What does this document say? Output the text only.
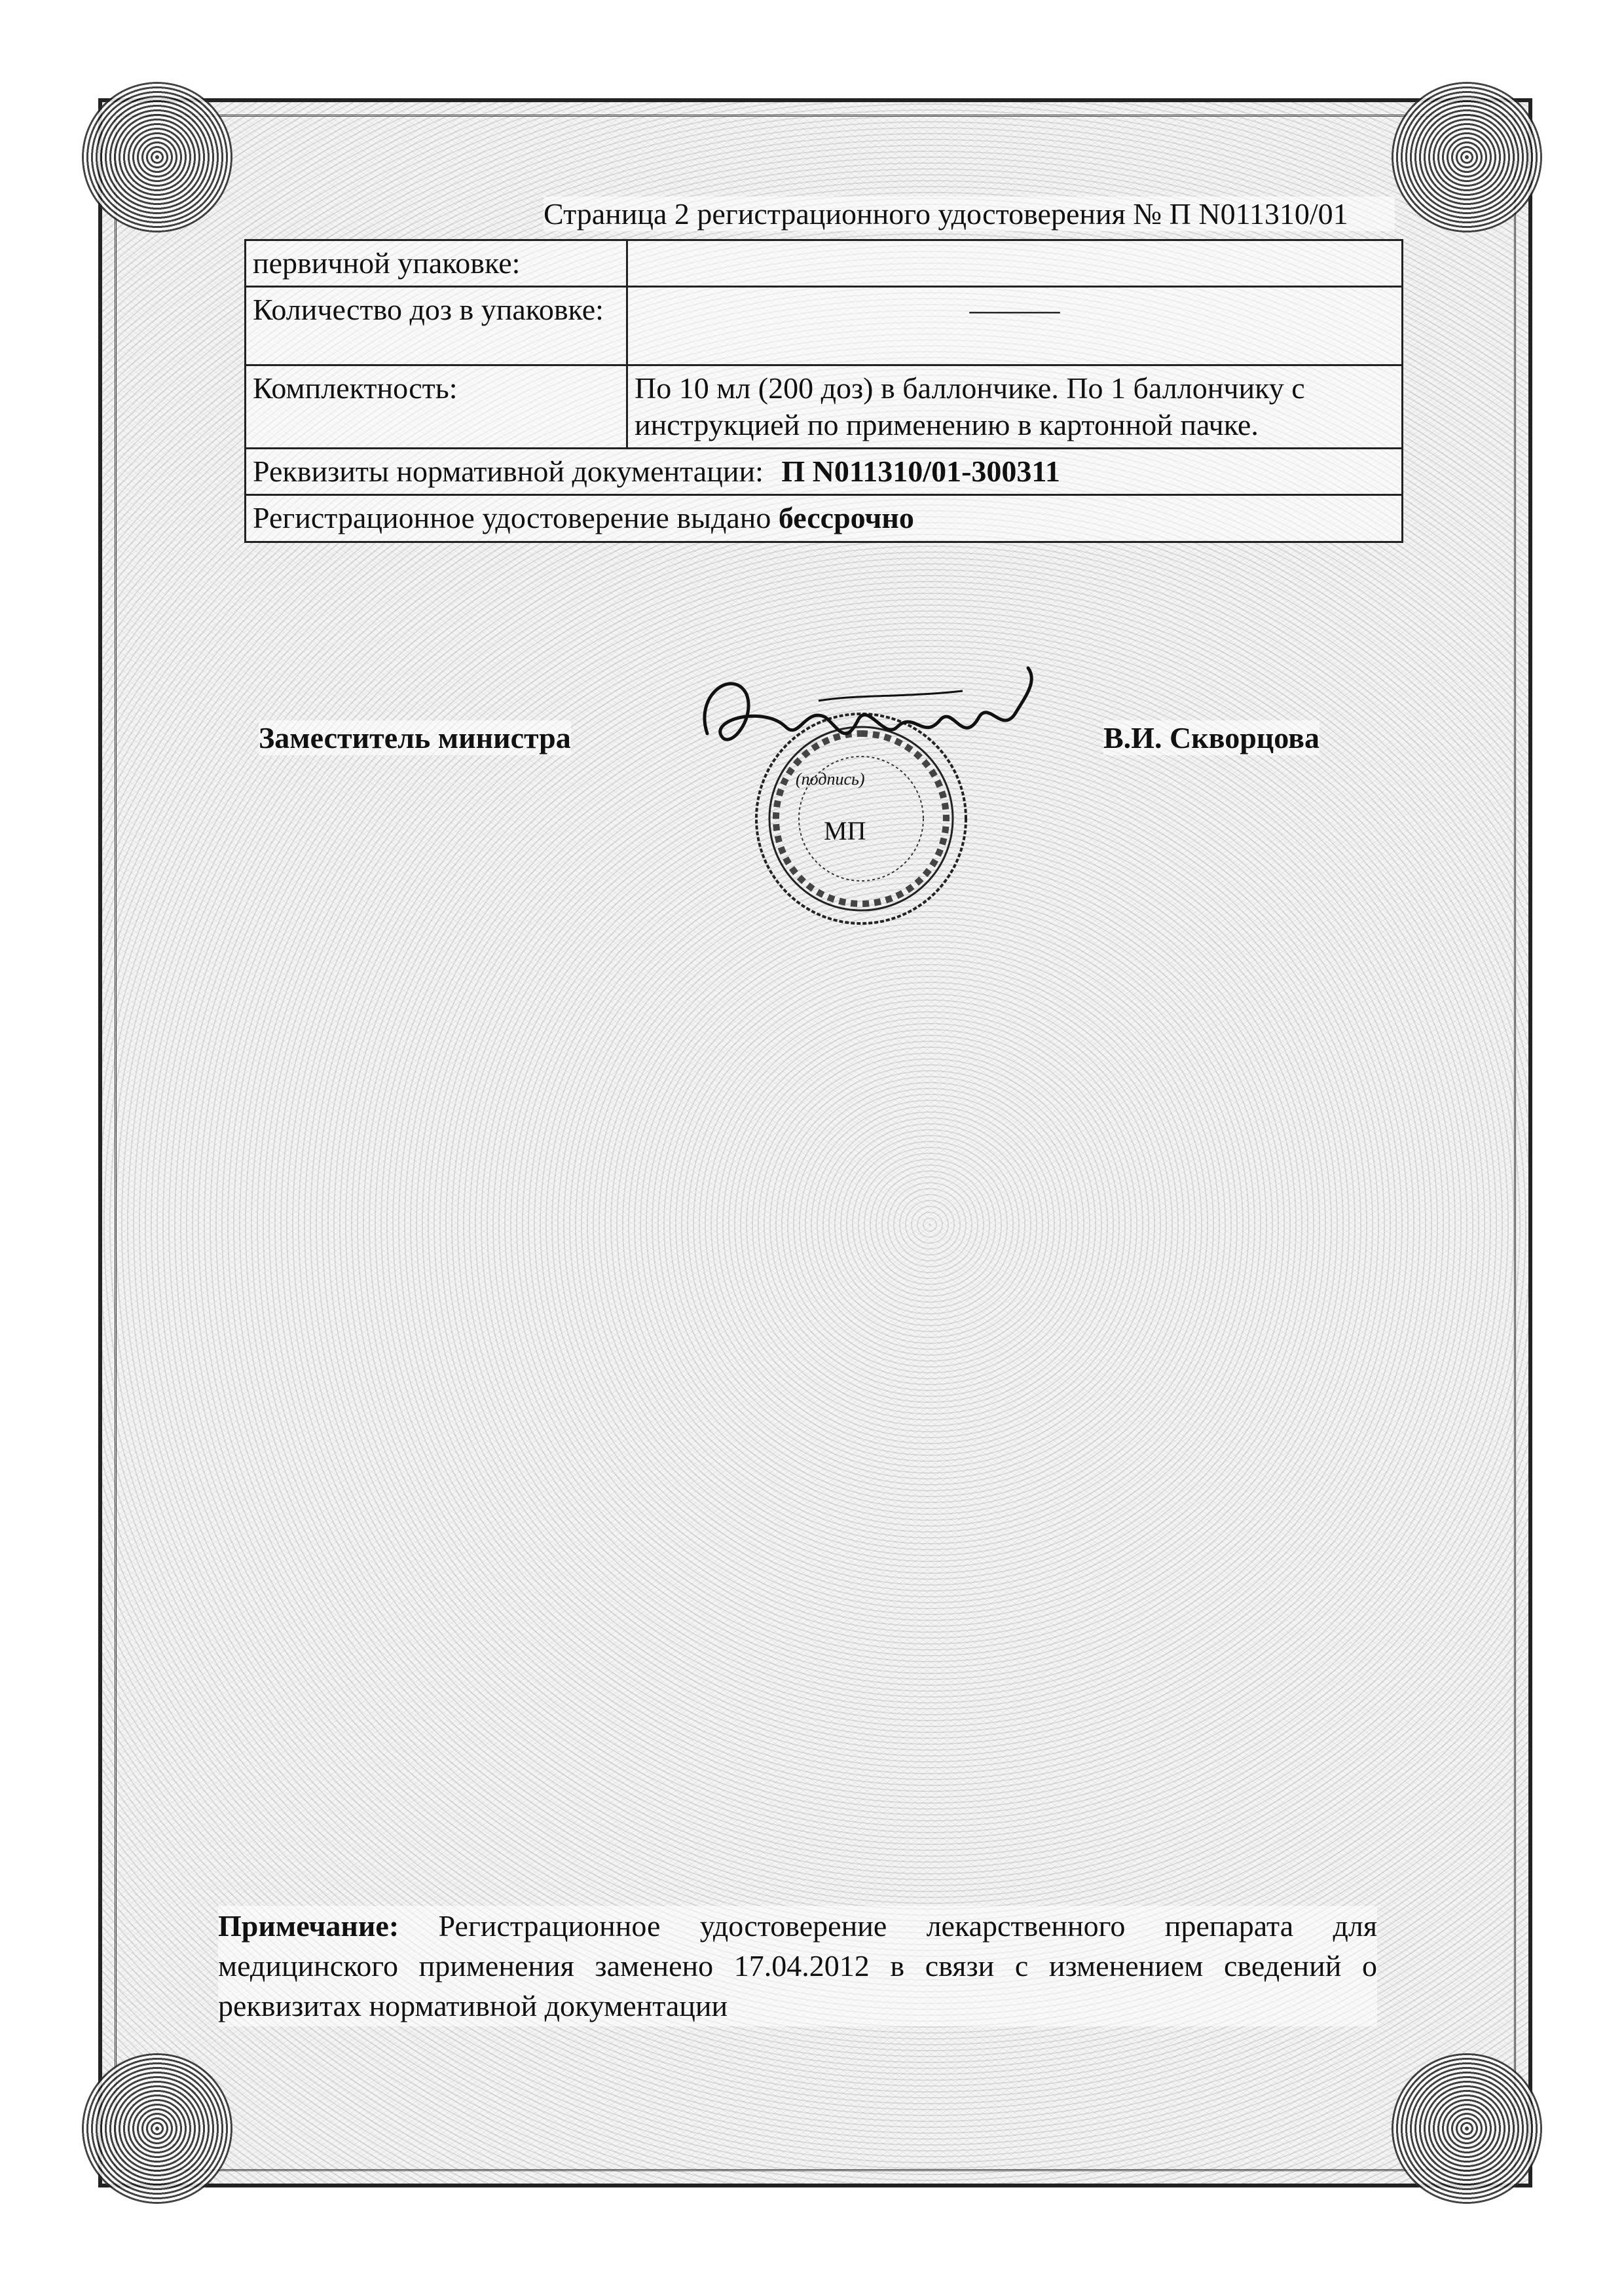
Страница 2 регистрационного удостоверения № П N011310/01
первичной упаковке:	
Количество доз в упаковке:	———
Комплектность:	По 10 мл (200 доз) в баллончике. По 1 баллончику с инструкцией по применению в картонной пачке.
Реквизиты нормативной документации: П N011310/01-300311	
Регистрационное удостоверение выдано бессрочно	
Заместитель министра	В.И. Скворцова
(подпись)
МП
Примечание: Регистрационное удостоверение лекарственного препарата для медицинского применения заменено 17.04.2012 в связи с изменением сведений о реквизитах нормативной документации
